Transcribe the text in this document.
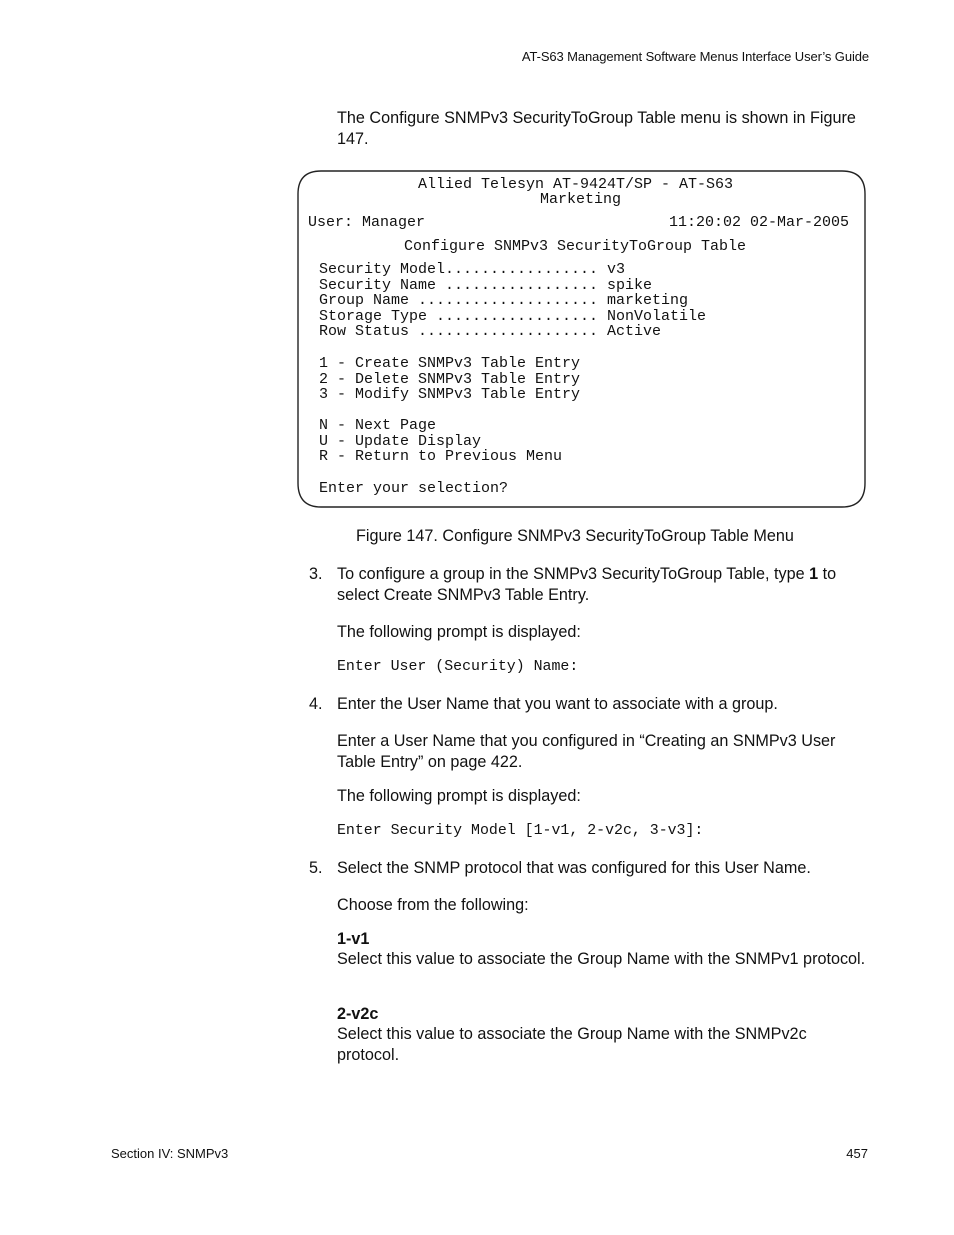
AT-S63 Management Software Menus Interface User’s Guide
The Configure SNMPv3 SecurityToGroup Table menu is shown in Figure 147.
Allied Telesyn AT-9424T/SP - AT-S63
Marketing
User: Manager	11:20:02 02-Mar-2005
Configure SNMPv3 SecurityToGroup Table
Security Model................. v3
Security Name ................. spike
Group Name .................... marketing
Storage Type .................. NonVolatile
Row Status .................... Active
1 - Create SNMPv3 Table Entry
2 - Delete SNMPv3 Table Entry
3 - Modify SNMPv3 Table Entry
N - Next Page
U - Update Display
R - Return to Previous Menu
Enter your selection?
Figure 147. Configure SNMPv3 SecurityToGroup Table Menu
3. To configure a group in the SNMPv3 SecurityToGroup Table, type 1 to select Create SNMPv3 Table Entry.
The following prompt is displayed:
Enter User (Security) Name:
4. Enter the User Name that you want to associate with a group.
Enter a User Name that you configured in “Creating an SNMPv3 User Table Entry” on page 422.
The following prompt is displayed:
Enter Security Model [1-v1, 2-v2c, 3-v3]:
5. Select the SNMP protocol that was configured for this User Name.
Choose from the following:
1-v1
Select this value to associate the Group Name with the SNMPv1 protocol.
2-v2c
Select this value to associate the Group Name with the SNMPv2c protocol.
Section IV: SNMPv3	457
